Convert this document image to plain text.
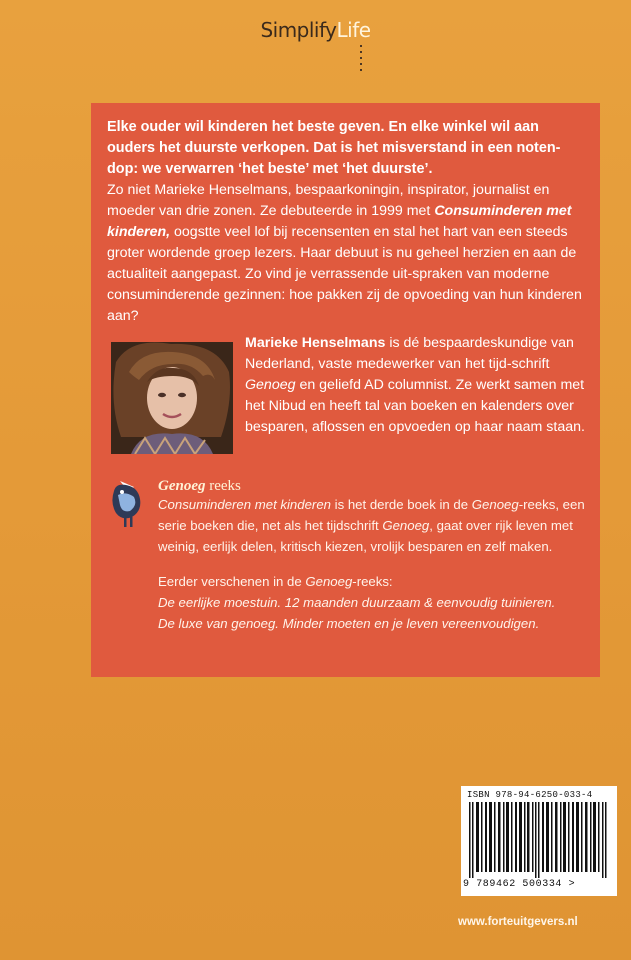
SimplifyLife

Elke ouder wil kinderen het beste geven. En elke winkel wil aan ouders het duurste verkopen. Dat is het misverstand in een noten-dop: we verwarren ‘het beste’ met ‘het duurste’.

Zo niet Marieke Henselmans, bespaarkoningin, inspirator, journalist en moeder van drie zonen. Ze debuteerde in 1999 met Consuminderen met kinderen, oogstte veel lof bij recensenten en stal het hart van een steeds groter wordende groep lezers. Haar debuut is nu geheel herzien en aan de actualiteit aangepast. Zo vind je verrassende uit-spraken van moderne consuminderende gezinnen: hoe pakken zij de opvoeding van hun kinderen aan?

Marieke Henselmans is dé bespaardeskundige van Nederland, vaste medewerker van het tijd-schrift Genoeg en geliefd AD columnist. Ze werkt samen met het Nibud en heeft tal van boeken en kalenders over besparen, aflossen en opvoeden op haar naam staan.

Genoeg reeks

Consuminderen met kinderen is het derde boek in de Genoeg-reeks, een serie boeken die, net als het tijdschrift Genoeg, gaat over rijk leven met weinig, eerlijk delen, kritisch kiezen, vrolijk besparen en zelf maken.

Eerder verschenen in de Genoeg-reeks:

De eerlijke moestuin. 12 maanden duurzaam & eenvoudig tuinieren.

De luxe van genoeg. Minder moeten en je leven vereenvoudigen.

ISBN 978-94-6250-033-4
9 789462 500334 >
www.forteuitgevers.nl
